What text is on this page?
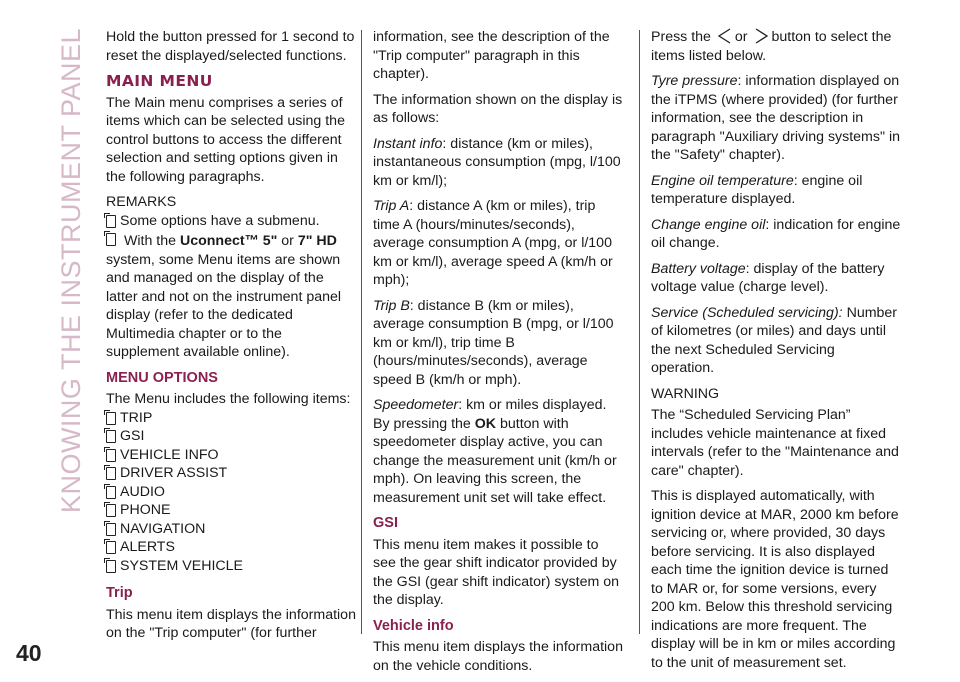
KNOWING THE INSTRUMENT PANEL Hold the button pressed for 1 second to reset the displayed/selected functions.

MAIN MENU

The Main menu comprises a series of items which can be selected using the control buttons to access the different selection and setting options given in the following paragraphs.

REMARKS

Some options have a submenu.

With the Uconnect™ 5" or 7" HD system, some Menu items are shown and managed on the display of the latter and not on the instrument panel display (refer to the dedicated Multimedia chapter or to the supplement available online).

MENU OPTIONS

The Menu includes the following items:

TRIP
GSI
VEHICLE INFO
DRIVER ASSIST
AUDIO
PHONE
NAVIGATION
ALERTS
SYSTEM VEHICLE
Trip

This menu item displays the information on the "Trip computer" (for further

information, see the description of the "Trip computer" paragraph in this chapter).

The information shown on the display is as follows:

Instant info: distance (km or miles), instantaneous consumption (mpg, l/100 km or km/l);

Trip A: distance A (km or miles), trip time A (hours/minutes/seconds), average consumption A (mpg, or l/100 km or km/l), average speed A (km/h or mph);

Trip B: distance B (km or miles), average consumption B (mpg, or l/100 km or km/l), trip time B (hours/minutes/seconds), average speed B (km/h or mph).

Speedometer: km or miles displayed. By pressing the OK button with speedometer display active, you can change the measurement unit (km/h or mph). On leaving this screen, the measurement unit set will take effect.

GSI

This menu item makes it possible to see the gear shift indicator provided by the GSI (gear shift indicator) system on the display.

Vehicle info

This menu item displays the information on the vehicle conditions.

Press the or button to select the items listed below.

Tyre pressure: information displayed on the iTPMS (where provided) (for further information, see the description in paragraph "Auxiliary driving systems" in the "Safety" chapter).

Engine oil temperature: engine oil temperature displayed.

Change engine oil: indication for engine oil change.

Battery voltage: display of the battery voltage value (charge level).

Service (Scheduled servicing): Number of kilometres (or miles) and days until the next Scheduled Servicing operation.

WARNING

The “Scheduled Servicing Plan” includes vehicle maintenance at fixed intervals (refer to the "Maintenance and care" chapter).

This is displayed automatically, with ignition device at MAR, 2000 km before servicing or, where provided, 30 days before servicing. It is also displayed each time the ignition device is turned to MAR or, for some versions, every 200 km. Below this threshold servicing indications are more frequent. The display will be in km or miles according to the unit of measurement set.

40
